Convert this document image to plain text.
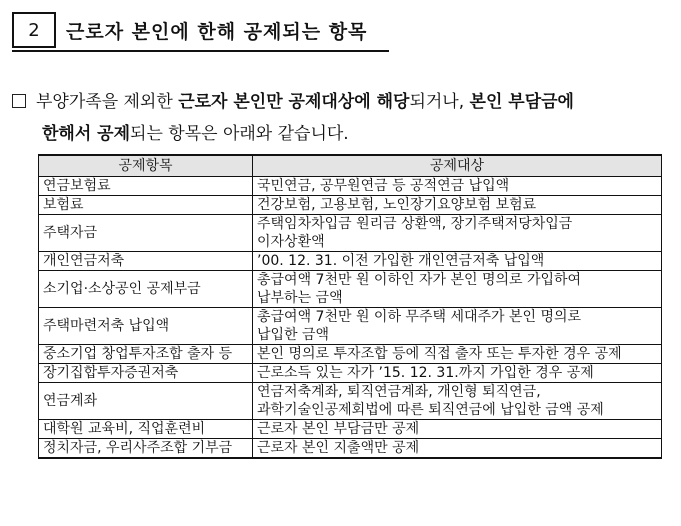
2	근로자 본인에 한해 공제되는 항목
부양가족을 제외한 근로자 본인만 공제대상에 해당되거나, 본인 부담금에
한해서 공제되는 항목은 아래와 같습니다.
공제항목	공제대상
연금보험료	국민연금, 공무원연금 등 공적연금 납입액

보험료	건강보험, 고용보험, 노인장기요양보험 보험료

주택자금	주택임차차입금 원리금 상환액, 장기주택저당차입금
이자상환액

개인연금저축	’00. 12. 31. 이전 가입한 개인연금저축 납입액

소기업·소상공인 공제부금	총급여액 7천만 원 이하인 자가 본인 명의로 가입하여
납부하는 금액

주택마련저축 납입액	총급여액 7천만 원 이하 무주택 세대주가 본인 명의로
납입한 금액

중소기업 창업투자조합 출자 등	본인 명의로 투자조합 등에 직접 출자 또는 투자한 경우 공제

장기집합투자증권저축	근로소득 있는 자가 ’15. 12. 31.까지 가입한 경우 공제

연금계좌	연금저축계좌, 퇴직연금계좌, 개인형 퇴직연금,
과학기술인공제회법에 따른 퇴직연금에 납입한 금액 공제

대학원 교육비, 직업훈련비	근로자 본인 부담금만 공제

정치자금, 우리사주조합 기부금	근로자 본인 지출액만 공제
